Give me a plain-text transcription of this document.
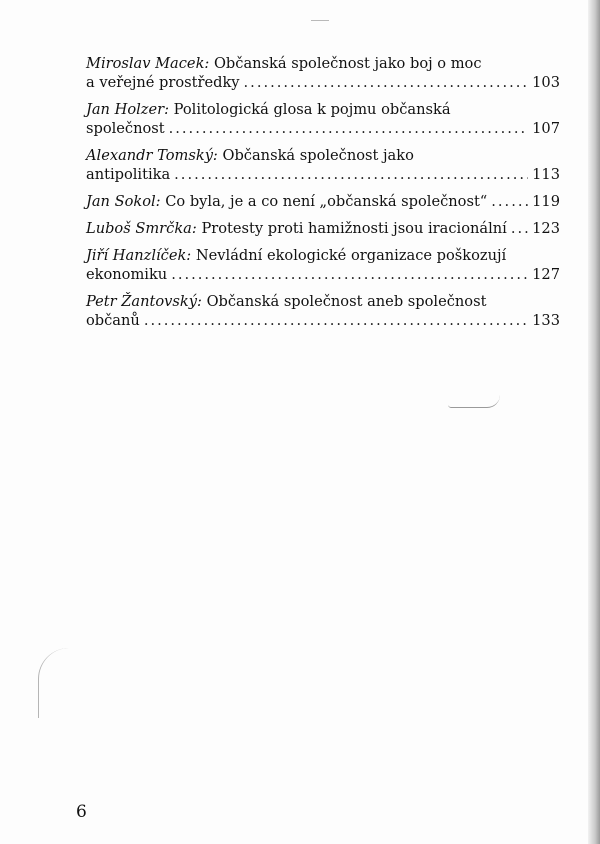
Miroslav Macek:
Občanská společnost jako boj o moc
a veřejné prostředky .....	103
Jan Holzer:
Politologická glosa k pojmu občanská
společnost .....	107
Alexandr Tomský:
Občanská společnost jako
antipolitika .....	113
Jan Sokol:
Co byla, je a co není „občanská společnost“ .....	119
Luboš Smrčka:
Protesty proti hamižnosti jsou iracionální ..... 123
Jiří Hanzlíček:
Nevládní ekologické organizace poškozují
ekonomiku .....	127
Petr Žantovský:
Občanská společnost aneb společnost
občanů .....	133
6
